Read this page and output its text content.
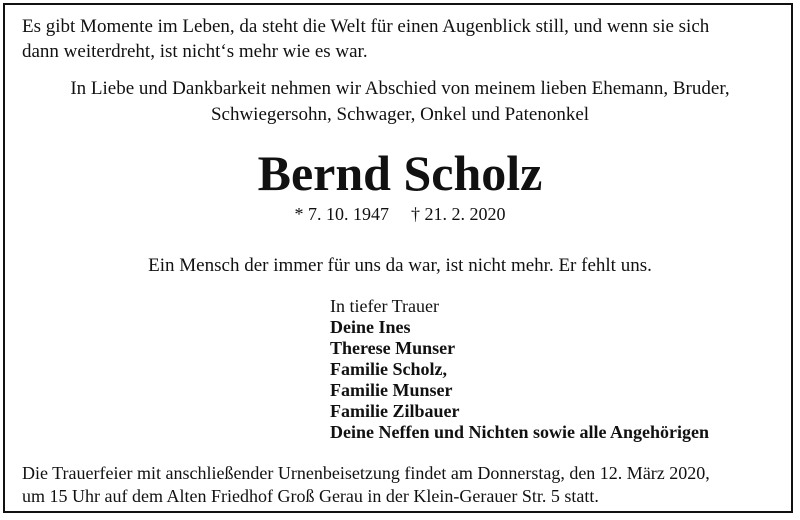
Es gibt Momente im Leben, da steht die Welt für einen Augenblick still, und wenn sie sich
dann weiterdreht, ist nicht‘s mehr wie es war.

In Liebe und Dankbarkeit nehmen wir Abschied von meinem lieben Ehemann, Bruder,
Schwiegersohn, Schwager, Onkel und Patenonkel

Bernd Scholz
* 7. 10. 1947 † 21. 2. 2020

Ein Mensch der immer für uns da war, ist nicht mehr. Er fehlt uns.

In tiefer Trauer
Deine Ines
Therese Munser
Familie Scholz,
Familie Munser
Familie Zilbauer
Deine Neffen und Nichten sowie alle Angehörigen

Die Trauerfeier mit anschließender Urnenbeisetzung findet am Donnerstag, den 12. März 2020,
um 15 Uhr auf dem Alten Friedhof Groß Gerau in der Klein-Gerauer Str. 5 statt.
